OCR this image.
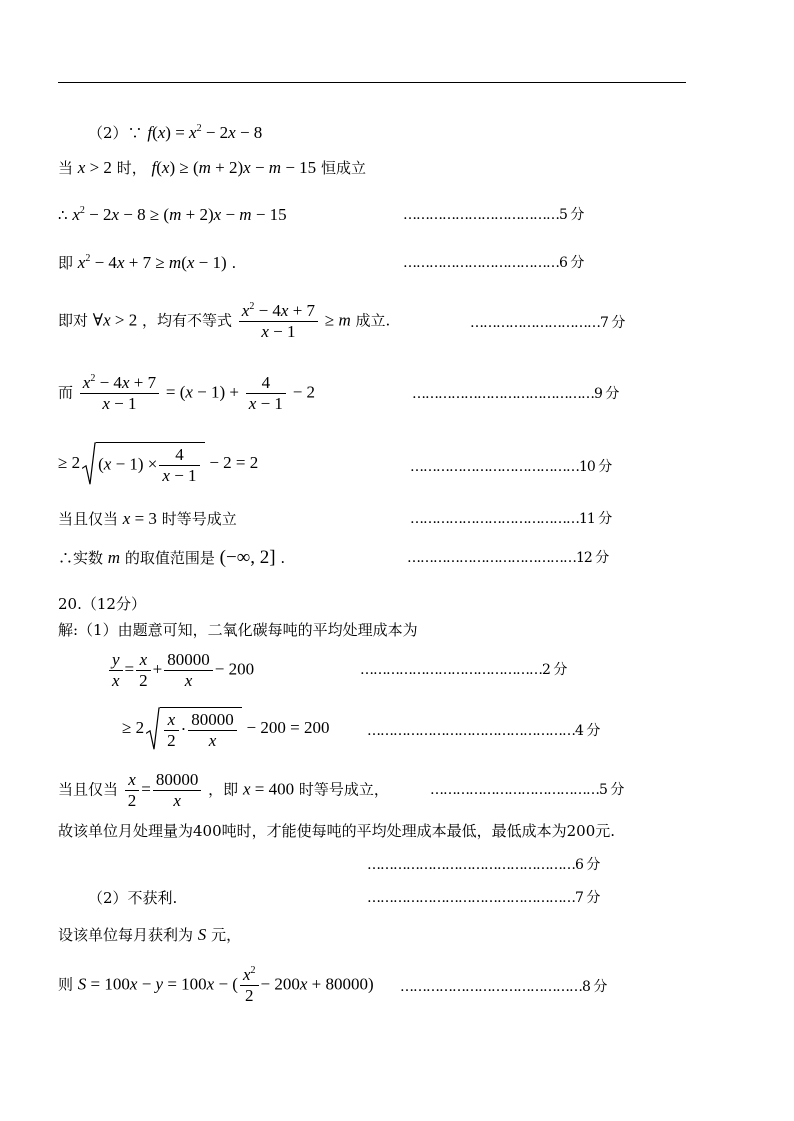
（2）∵ $f(x) = x^2 - 2x - 8$
当 x > 2 时， f(x) ≥ (m + 2)x − m − 15 恒成立
∴ $x^2 - 2x - 8 \ge (m + 2)x - m - 15$	………………………………5 分
即 $x^2 - 4x + 7 \ge m(x - 1)$ .	………………………………6 分
即对 ∀x > 2 ，均有不等式 $\frac{x^2 - 4x + 7}{x - 1} \ge m$ 成立.	…………………………7 分
而 $\frac{x^2 - 4x + 7}{x - 1} = (x - 1) + \frac{4}{x - 1} - 2$	……………………………………9 分
≥ 2 $(x - 1) \times \frac{4}{x - 1} - 2 = 2$	…………………………………10 分
当且仅当 x = 3 时等号成立	…………………………………11 分
∴实数 m 的取值范围是 (−∞, 2] .	…………………………………12 分
20.（12分）
解:（1）由题意可知，二氧化碳每吨的平均处理成本为
$\frac{y}{x} = \frac{x}{2} + \frac{80000}{x} - 200$	……………………………………2 分
≥ $2 \frac{x}{2} \cdot \frac{80000}{x} - 200 = 200$	…………………………………………4 分
当且仅当 $\frac{x}{2} = \frac{80000}{x}$ ，即 x = 400 时等号成立，	…………………………………5 分
故该单位月处理量为400吨时，才能使每吨的平均处理成本最低，最低成本为200元.
…………………………………………6 分
（2）不获利.	…………………………………………7 分
设该单位每月获利为 S 元，
则 S = 100x − y = 100x − ( $\frac{x^2}{2} - 200x + 80000$) ……………………………………8 分
